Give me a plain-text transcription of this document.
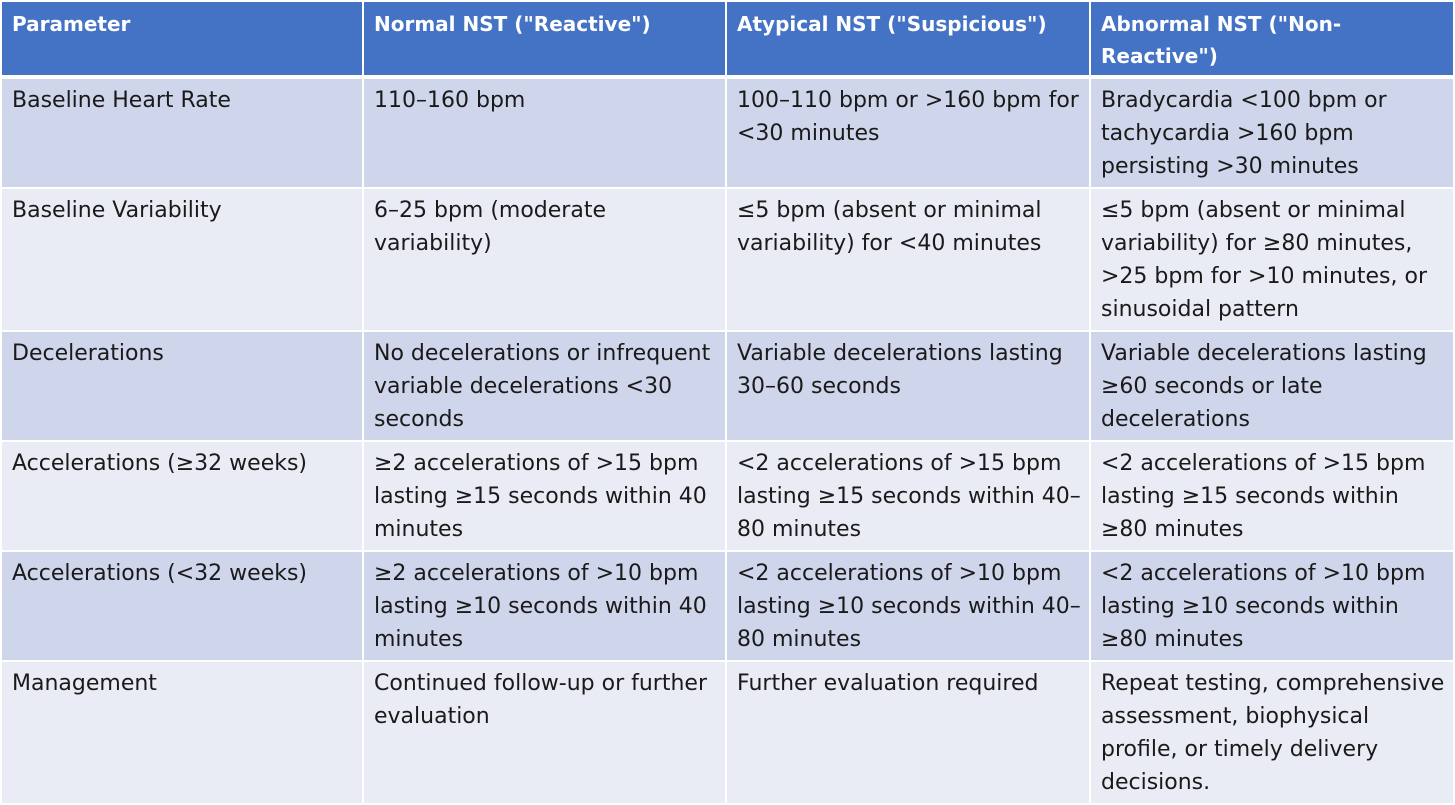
Parameter	Normal NST ("Reactive")	Atypical NST ("Suspicious")	Abnormal NST ("Non-Reactive")
Baseline Heart Rate	110–160 bpm	100–110 bpm or >160 bpm for <30 minutes	Bradycardia <100 bpm or tachycardia >160 bpm persisting >30 minutes
Baseline Variability	6–25 bpm (moderate variability)	≤5 bpm (absent or minimal variability) for <40 minutes	≤5 bpm (absent or minimal variability) for ≥80 minutes, >25 bpm for >10 minutes, or sinusoidal pattern
Decelerations	No decelerations or infrequent variable decelerations <30 seconds	Variable decelerations lasting 30–60 seconds	Variable decelerations lasting ≥60 seconds or late decelerations
Accelerations (≥32 weeks)	≥2 accelerations of >15 bpm lasting ≥15 seconds within 40 minutes	<2 accelerations of >15 bpm lasting ≥15 seconds within 40–80 minutes	<2 accelerations of >15 bpm lasting ≥15 seconds within ≥80 minutes
Accelerations (<32 weeks)	≥2 accelerations of >10 bpm lasting ≥10 seconds within 40 minutes	<2 accelerations of >10 bpm lasting ≥10 seconds within 40–80 minutes	<2 accelerations of >10 bpm lasting ≥10 seconds within ≥80 minutes
Management	Continued follow-up or further evaluation	Further evaluation required	Repeat testing, comprehensive assessment, biophysical profile, or timely delivery decisions.
